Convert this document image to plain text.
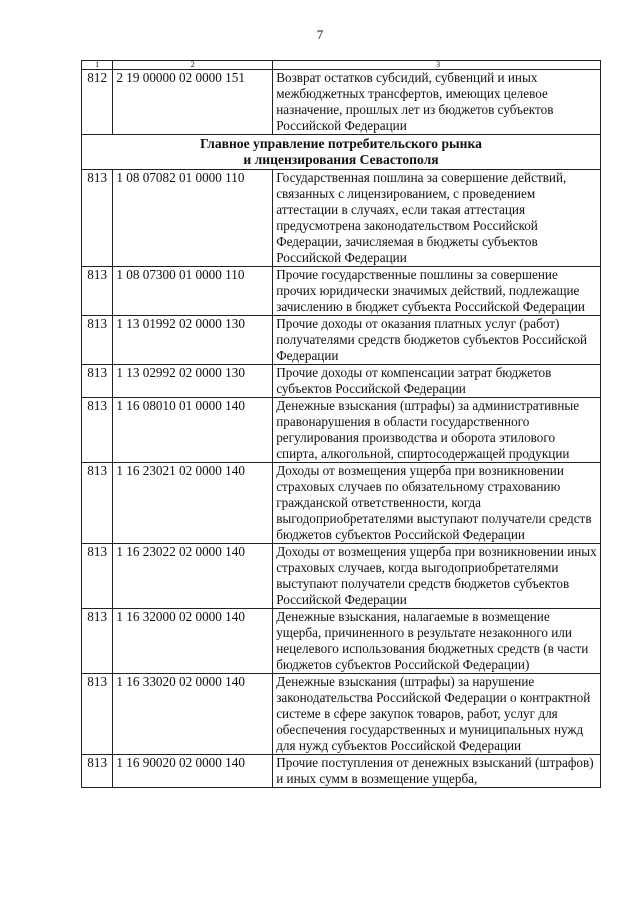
7
1	2	3
812	2 19 00000 02 0000 151	Возврат остатков субсидий, субвенций и иных межбюджетных трансфертов, имеющих целевое назначение, прошлых лет из бюджетов субъектов Российской Федерации

Главное управление потребительского рынка
и лицензирования Севастополя		

813	1 08 07082 01 0000 110	Государственная пошлина за совершение действий, связанных с лицензированием, с проведением аттестации в случаях, если такая аттестация предусмотрена законодательством Российской Федерации, зачисляемая в бюджеты субъектов Российской Федерации
813	1 08 07300 01 0000 110	Прочие государственные пошлины за совершение прочих юридически значимых действий, подлежащие зачислению в бюджет субъекта Российской Федерации
813	1 13 01992 02 0000 130	Прочие доходы от оказания платных услуг (работ) получателями средств бюджетов субъектов Российской Федерации
813	1 13 02992 02 0000 130	Прочие доходы от компенсации затрат бюджетов субъектов Российской Федерации
813	1 16 08010 01 0000 140	Денежные взыскания (штрафы) за административные правонарушения в области государственного регулирования производства и оборота этилового спирта, алкогольной, спиртосодержащей продукции
813	1 16 23021 02 0000 140	Доходы от возмещения ущерба при возникновении страховых случаев по обязательному страхованию гражданской ответственности, когда выгодоприобретателями выступают получатели средств бюджетов субъектов Российской Федерации
813	1 16 23022 02 0000 140	Доходы от возмещения ущерба при возникновении иных страховых случаев, когда выгодоприобретателями выступают получатели средств бюджетов субъектов Российской Федерации
813	1 16 32000 02 0000 140	Денежные взыскания, налагаемые в возмещение ущерба, причиненного в результате незаконного или нецелевого использования бюджетных средств (в части бюджетов субъектов Российской Федерации)
813	1 16 33020 02 0000 140	Денежные взыскания (штрафы) за нарушение законодательства Российской Федерации о контрактной системе в сфере закупок товаров, работ, услуг для обеспечения государственных и муниципальных нужд для нужд субъектов Российской Федерации
813	1 16 90020 02 0000 140	Прочие поступления от денежных взысканий (штрафов) и иных сумм в возмещение ущерба,
